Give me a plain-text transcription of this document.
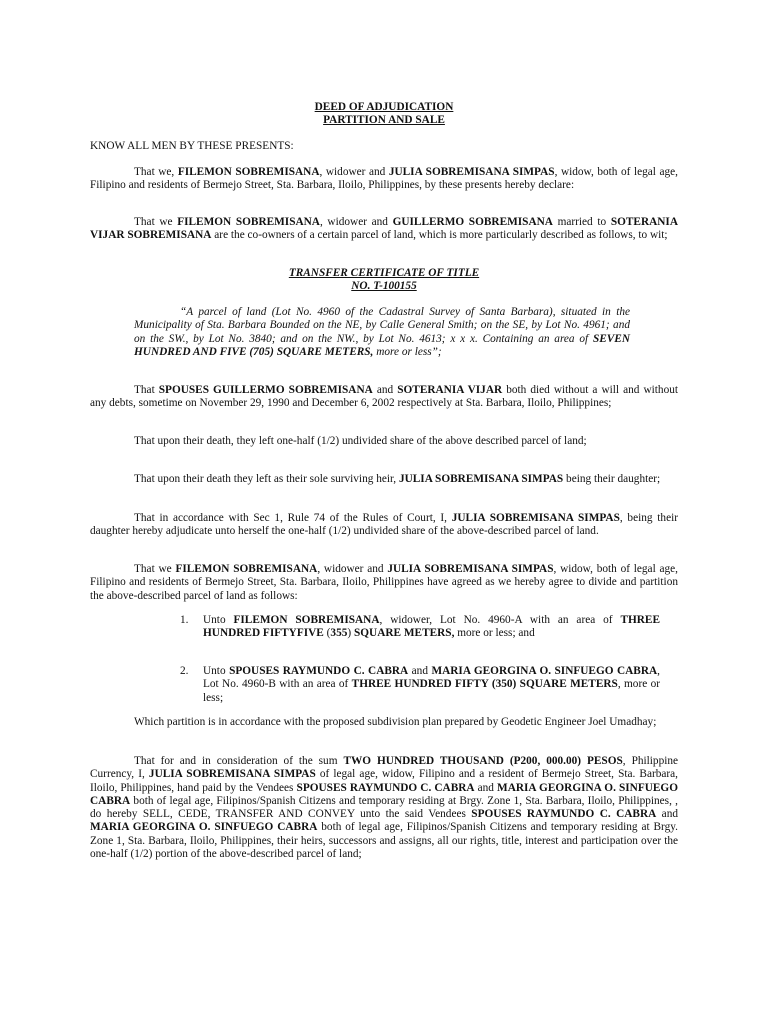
DEED OF ADJUDICATION
PARTITION AND SALE
KNOW ALL MEN BY THESE PRESENTS:
That we, FILEMON SOBREMISANA, widower and JULIA SOBREMISANA SIMPAS, widow, both of legal age, Filipino and residents of Bermejo Street, Sta. Barbara, Iloilo, Philippines, by these presents hereby declare:
That we FILEMON SOBREMISANA, widower and GUILLERMO SOBREMISANA married to SOTERANIA VIJAR SOBREMISANA are the co-owners of a certain parcel of land, which is more particularly described as follows, to wit;
TRANSFER CERTIFICATE OF TITLE
NO. T-100155
“A parcel of land (Lot No. 4960 of the Cadastral Survey of Santa Barbara), situated in the Municipality of Sta. Barbara Bounded on the NE, by Calle General Smith; on the SE, by Lot No. 4961; and on the SW., by Lot No. 3840; and on the NW., by Lot No. 4613; x x x. Containing an area of SEVEN HUNDRED AND FIVE (705) SQUARE METERS, more or less”;
That SPOUSES GUILLERMO SOBREMISANA and SOTERANIA VIJAR both died without a will and without any debts, sometime on November 29, 1990 and December 6, 2002 respectively at Sta. Barbara, Iloilo, Philippines;
That upon their death, they left one-half (1/2) undivided share of the above described parcel of land;
That upon their death they left as their sole surviving heir, JULIA SOBREMISANA SIMPAS being their daughter;
That in accordance with Sec 1, Rule 74 of the Rules of Court, I, JULIA SOBREMISANA SIMPAS, being their daughter hereby adjudicate unto herself the one-half (1/2) undivided share of the above-described parcel of land.
That we FILEMON SOBREMISANA, widower and JULIA SOBREMISANA SIMPAS, widow, both of legal age, Filipino and residents of Bermejo Street, Sta. Barbara, Iloilo, Philippines have agreed as we hereby agree to divide and partition the above-described parcel of land as follows:
1. Unto FILEMON SOBREMISANA, widower, Lot No. 4960-A with an area of THREE HUNDRED FIFTYFIVE (355) SQUARE METERS, more or less; and
2. Unto SPOUSES RAYMUNDO C. CABRA and MARIA GEORGINA O. SINFUEGO CABRA, Lot No. 4960-B with an area of THREE HUNDRED FIFTY (350) SQUARE METERS, more or less;
Which partition is in accordance with the proposed subdivision plan prepared by Geodetic Engineer Joel Umadhay;
That for and in consideration of the sum TWO HUNDRED THOUSAND (P200, 000.00) PESOS, Philippine Currency, I, JULIA SOBREMISANA SIMPAS of legal age, widow, Filipino and a resident of Bermejo Street, Sta. Barbara, Iloilo, Philippines, hand paid by the Vendees SPOUSES RAYMUNDO C. CABRA and MARIA GEORGINA O. SINFUEGO CABRA both of legal age, Filipinos/Spanish Citizens and temporary residing at Brgy. Zone 1, Sta. Barbara, Iloilo, Philippines, , do hereby SELL, CEDE, TRANSFER AND CONVEY unto the said Vendees SPOUSES RAYMUNDO C. CABRA and MARIA GEORGINA O. SINFUEGO CABRA both of legal age, Filipinos/Spanish Citizens and temporary residing at Brgy. Zone 1, Sta. Barbara, Iloilo, Philippines, their heirs, successors and assigns, all our rights, title, interest and participation over the one-half (1/2) portion of the above-described parcel of land;
